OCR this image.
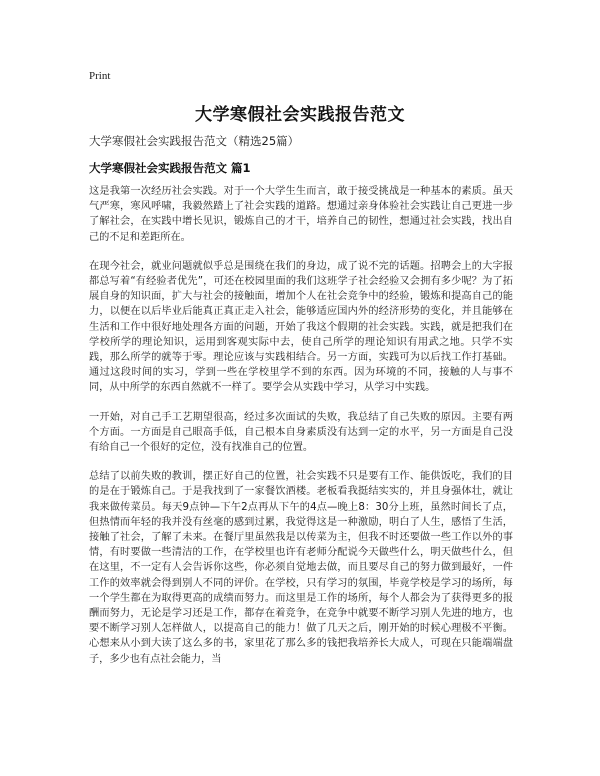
Print
大学寒假社会实践报告范文
大学寒假社会实践报告范文（精选25篇）
大学寒假社会实践报告范文 篇1

这是我第一次经历社会实践。对于一个大学生生而言，敢于接受挑战是一种基本的素质。虽天气严寒，寒风呼啸，我毅然踏上了社会实践的道路。想通过亲身体验社会实践让自己更进一步了解社会，在实践中增长见识，锻炼自己的才干，培养自己的韧性，想通过社会实践，找出自己的不足和差距所在。

在现今社会，就业问题就似乎总是围绕在我们的身边，成了说不完的话题。招聘会上的大字报都总写着“有经验者优先”，可还在校园里面的我们这班学子社会经验又会拥有多少呢？为了拓展自身的知识面，扩大与社会的接触面，增加个人在社会竞争中的经验，锻炼和提高自己的能力，以便在以后毕业后能真正真正走入社会，能够适应国内外的经济形势的变化，并且能够在生活和工作中很好地处理各方面的问题，开始了我这个假期的社会实践。实践，就是把我们在学校所学的理论知识，运用到客观实际中去，使自己所学的理论知识有用武之地。只学不实践，那么所学的就等于零。理论应该与实践相结合。另一方面，实践可为以后找工作打基础。通过这段时间的实习，学到一些在学校里学不到的东西。因为环境的不同，接触的人与事不同，从中所学的东西自然就不一样了。要学会从实践中学习，从学习中实践。

一开始，对自己手工艺期望很高，经过多次面试的失败，我总结了自己失败的原因。主要有两个方面。一方面是自己眼高手低，自己根本自身素质没有达到一定的水平，另一方面是自己没有给自己一个很好的定位，没有找准自己的位置。

总结了以前失败的教训，摆正好自己的位置，社会实践不只是要有工作、能供饭吃，我们的目的是在于锻炼自己。于是我找到了一家餐饮酒楼。老板看我挺结实实的，并且身强体壮，就让我来做传菜员。每天9点钟—下午2点再从下午的4点—晚上8：30分上班，虽然时间长了点，但热情而年轻的我并没有丝毫的感到过累，我觉得这是一种激励，明白了人生，感悟了生活，接触了社会，了解了未来。在餐厅里虽然我是以传菜为主，但我不时还要做一些工作以外的事情，有时要做一些清洁的工作，在学校里也许有老师分配说今天做些什么，明天做些什么，但在这里，不一定有人会告诉你这些，你必须自觉地去做，而且要尽自己的努力做到最好，一件工作的效率就会得到别人不同的评价。在学校，只有学习的氛围，毕竟学校是学习的场所，每一个学生都在为取得更高的成绩而努力。而这里是工作的场所，每个人都会为了获得更多的报酬而努力，无论是学习还是工作，都存在着竞争，在竞争中就要不断学习别人先进的地方，也要不断学习别人怎样做人，以提高自己的能力！做了几天之后，刚开始的时候心理极不平衡。心想来从小到大读了这么多的书，家里花了那么多的钱把我培养长大成人，可现在只能端端盘子，多少也有点社会能力，当
